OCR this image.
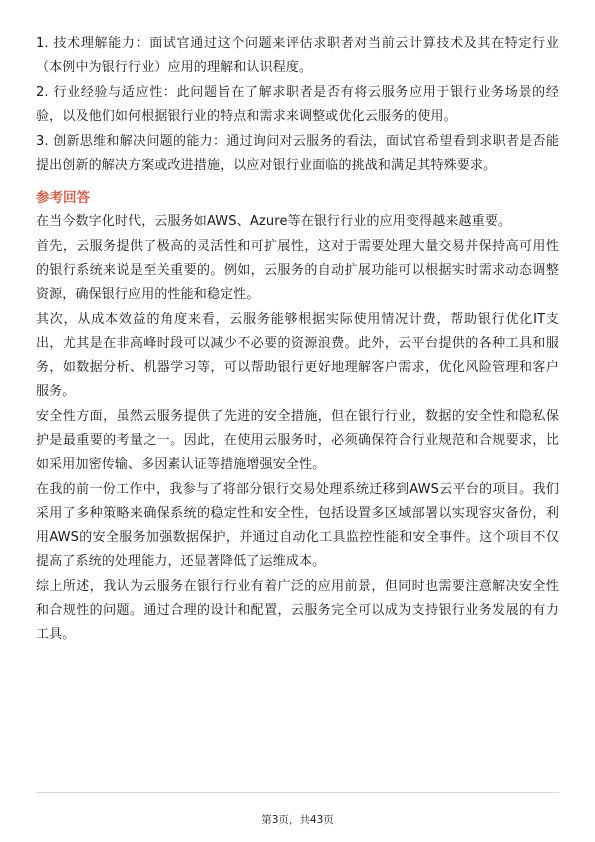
1. 技术理解能力：面试官通过这个问题来评估求职者对当前云计算技术及其在特定行业（本例中为银行行业）应用的理解和认识程度。

2. 行业经验与适应性：此问题旨在了解求职者是否有将云服务应用于银行业务场景的经验，以及他们如何根据银行业的特点和需求来调整或优化云服务的使用。

3. 创新思维和解决问题的能力：通过询问对云服务的看法，面试官希望看到求职者是否能提出创新的解决方案或改进措施，以应对银行业面临的挑战和满足其特殊要求。

参考回答

在当今数字化时代，云服务如AWS、Azure等在银行行业的应用变得越来越重要。

首先，云服务提供了极高的灵活性和可扩展性，这对于需要处理大量交易并保持高可用性的银行系统来说是至关重要的。例如，云服务的自动扩展功能可以根据实时需求动态调整资源，确保银行应用的性能和稳定性。

其次，从成本效益的角度来看，云服务能够根据实际使用情况计费，帮助银行优化IT支出，尤其是在非高峰时段可以减少不必要的资源浪费。此外，云平台提供的各种工具和服务，如数据分析、机器学习等，可以帮助银行更好地理解客户需求，优化风险管理和客户服务。

安全性方面，虽然云服务提供了先进的安全措施，但在银行行业，数据的安全性和隐私保护是最重要的考量之一。因此，在使用云服务时，必须确保符合行业规范和合规要求，比如采用加密传输、多因素认证等措施增强安全性。

在我的前一份工作中，我参与了将部分银行交易处理系统迁移到AWS云平台的项目。我们采用了多种策略来确保系统的稳定性和安全性，包括设置多区域部署以实现容灾备份，利用AWS的安全服务加强数据保护，并通过自动化工具监控性能和安全事件。这个项目不仅提高了系统的处理能力，还显著降低了运维成本。

综上所述，我认为云服务在银行行业有着广泛的应用前景，但同时也需要注意解决安全性和合规性的问题。通过合理的设计和配置，云服务完全可以成为支持银行业务发展的有力工具。

第3页，共43页
